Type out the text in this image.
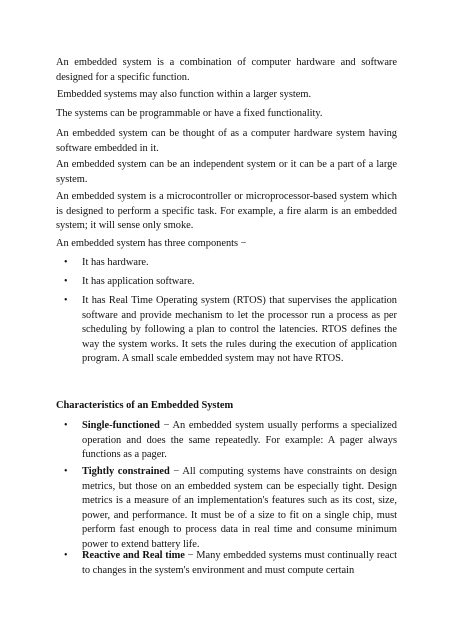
An embedded system is a combination of computer hardware and software designed for a specific function.

Embedded systems may also function within a larger system.

The systems can be programmable or have a fixed functionality.

An embedded system can be thought of as a computer hardware system having software embedded in it.

An embedded system can be an independent system or it can be a part of a large system.

An embedded system is a microcontroller or microprocessor-based system which is designed to perform a specific task. For example, a fire alarm is an embedded system; it will sense only smoke.

An embedded system has three components −

• It has hardware.

• It has application software.

• It has Real Time Operating system (RTOS) that supervises the application software and provide mechanism to let the processor run a process as per scheduling by following a plan to control the latencies. RTOS defines the way the system works. It sets the rules during the execution of application program. A small scale embedded system may not have RTOS.

Characteristics of an Embedded System

• Single-functioned − An embedded system usually performs a specialized operation and does the same repeatedly. For example: A pager always functions as a pager.

• Tightly constrained − All computing systems have constraints on design metrics, but those on an embedded system can be especially tight. Design metrics is a measure of an implementation's features such as its cost, size, power, and performance. It must be of a size to fit on a single chip, must perform fast enough to process data in real time and consume minimum power to extend battery life.

• Reactive and Real time − Many embedded systems must continually react to changes in the system's environment and must compute certain
